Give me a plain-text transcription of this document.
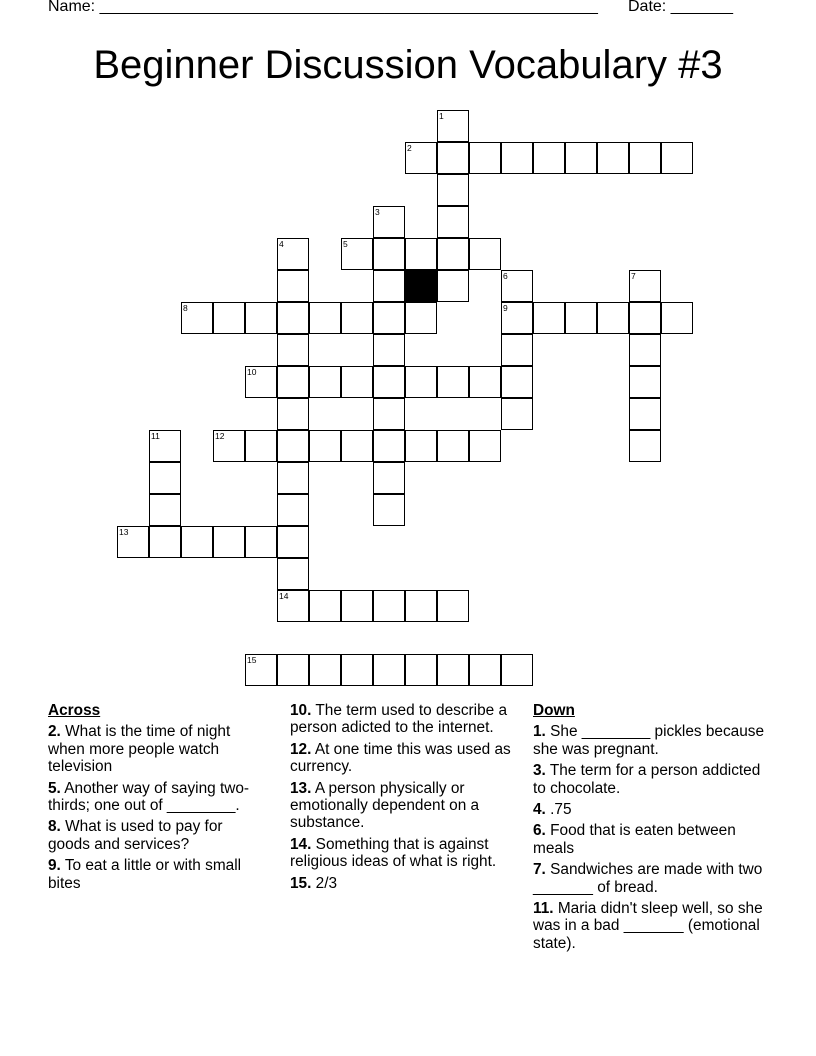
Name: ________________________________________________________ Date: _______
Beginner Discussion Vocabulary #3
1
2
3
4	5
6	7
8	9
10
11	12
13
14
15
Across
2. What is the time of night when more people watch television
5. Another way of saying two-thirds; one out of ________.
8. What is used to pay for goods and services?
9. To eat a little or with small bites
10. The term used to describe a person adicted to the internet.
12. At one time this was used as currency.
13. A person physically or emotionally dependent on a substance.
14. Something that is against religious ideas of what is right.
15. 2/3
Down
1. She ________ pickles because she was pregnant.
3. The term for a person addicted to chocolate.
4. .75
6. Food that is eaten between meals
7. Sandwiches are made with two _______ of bread.
11. Maria didn't sleep well, so she was in a bad _______ (emotional state).
